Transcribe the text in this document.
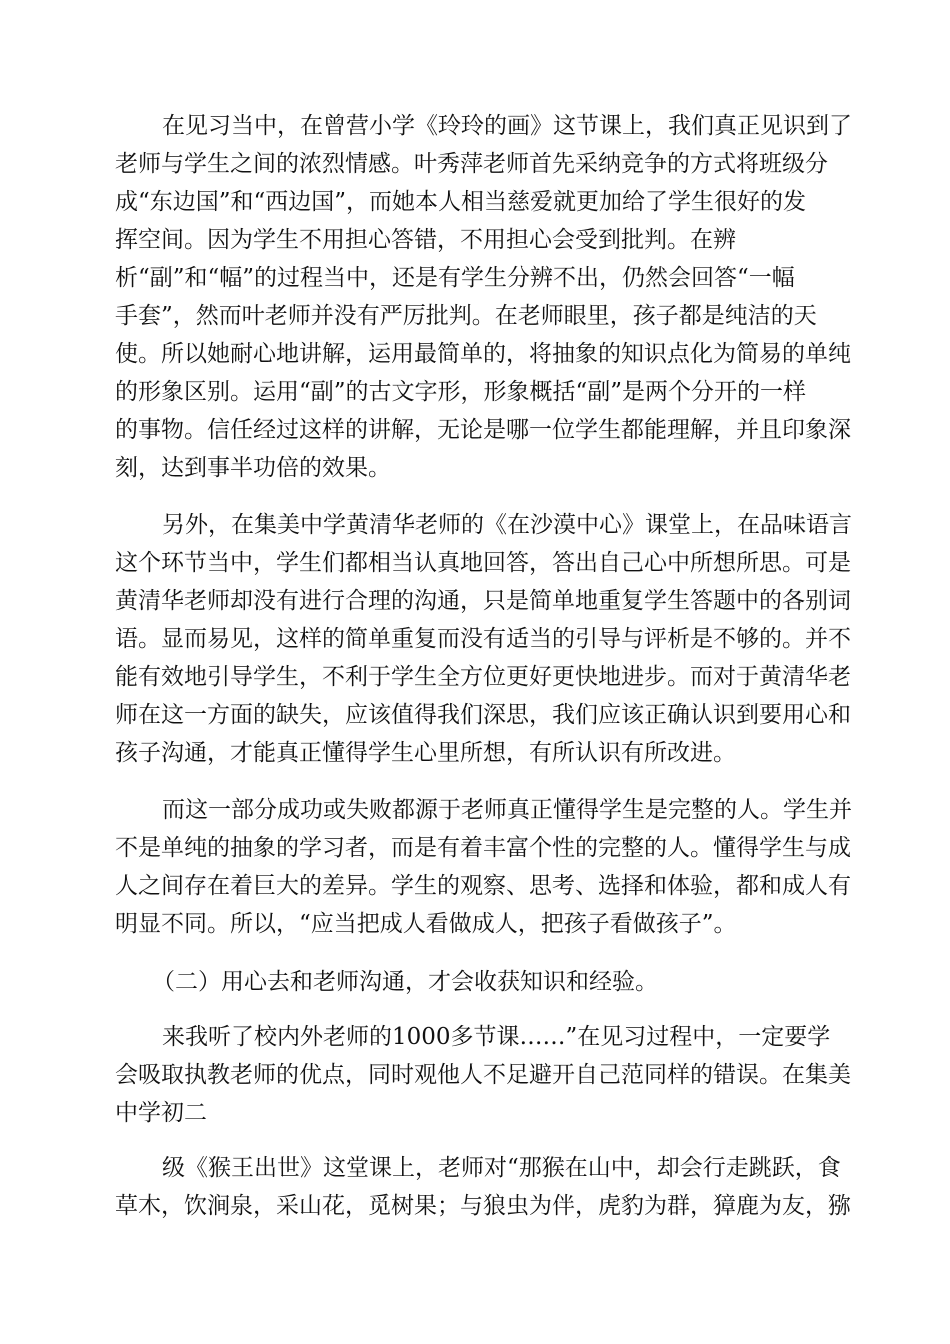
在见习当中，在曾营小学《玲玲的画》这节课上，我们真正见识到了
老师与学生之间的浓烈情感。叶秀萍老师首先采纳竞争的方式将班级分
成“东边国”和“西边国”，而她本人相当慈爱就更加给了学生很好的发
挥空间。因为学生不用担心答错，不用担心会受到批判。在辨
析“副”和“幅”的过程当中，还是有学生分辨不出，仍然会回答“一幅
手套”，然而叶老师并没有严厉批判。在老师眼里，孩子都是纯洁的天
使。所以她耐心地讲解，运用最简单的，将抽象的知识点化为简易的单纯
的形象区别。运用“副”的古文字形，形象概括“副”是两个分开的一样
的事物。信任经过这样的讲解，无论是哪一位学生都能理解，并且印象深
刻，达到事半功倍的效果。
另外，在集美中学黄清华老师的《在沙漠中心》课堂上，在品味语言
这个环节当中，学生们都相当认真地回答，答出自己心中所想所思。可是
黄清华老师却没有进行合理的沟通，只是简单地重复学生答题中的各别词
语。显而易见，这样的简单重复而没有适当的引导与评析是不够的。并不
能有效地引导学生，不利于学生全方位更好更快地进步。而对于黄清华老
师在这一方面的缺失，应该值得我们深思，我们应该正确认识到要用心和
孩子沟通，才能真正懂得学生心里所想，有所认识有所改进。
而这一部分成功或失败都源于老师真正懂得学生是完整的人。学生并
不是单纯的抽象的学习者，而是有着丰富个性的完整的人。懂得学生与成
人之间存在着巨大的差异。学生的观察、思考、选择和体验，都和成人有
明显不同。所以，“应当把成人看做成人，把孩子看做孩子”。
（二）用心去和老师沟通，才会收获知识和经验。
来我听了校内外老师的1000多节课……”在见习过程中，一定要学
会吸取执教老师的优点，同时观他人不足避开自己范同样的错误。在集美
中学初二
级《猴王出世》这堂课上，老师对“那猴在山中，却会行走跳跃，食
草木，饮涧泉，采山花，觅树果；与狼虫为伴，虎豹为群，獐鹿为友，猕
